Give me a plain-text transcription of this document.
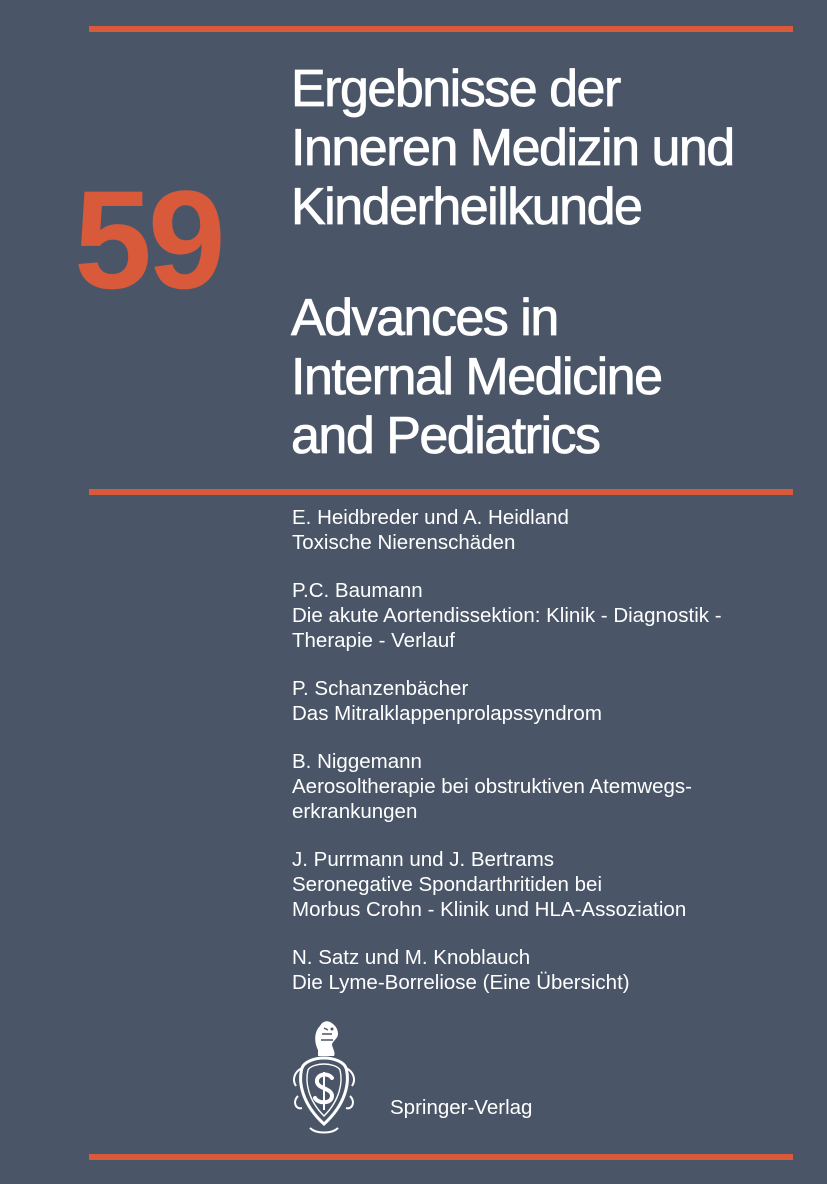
59
Ergebnisse der
Inneren Medizin und
Kinderheilkunde
Advances in
Internal Medicine
and Pediatrics
E. Heidbreder und A. Heidland
Toxische Nierenschäden
P.C. Baumann
Die akute Aortendissektion: Klinik - Diagnostik -
Therapie - Verlauf
P. Schanzenbächer
Das Mitralklappenprolapssyndrom
B. Niggemann
Aerosoltherapie bei obstruktiven Atemwegs-
erkrankungen
J. Purrmann und J. Bertrams
Seronegative Spondarthritiden bei
Morbus Crohn - Klinik und HLA-Assoziation
N. Satz und M. Knoblauch
Die Lyme-Borreliose (Eine Übersicht)
Springer-Verlag
